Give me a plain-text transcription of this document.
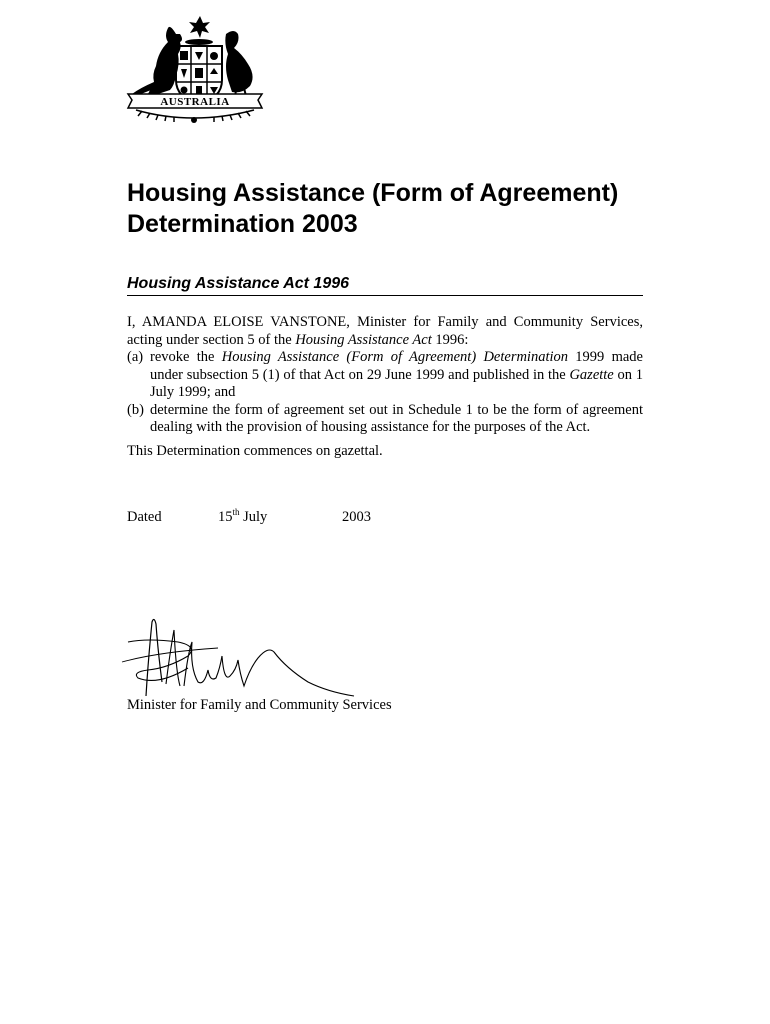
AUSTRALIA
Housing Assistance (Form of Agreement) Determination 2003
Housing Assistance Act 1996

I, AMANDA ELOISE VANSTONE, Minister for Family and Community Services, acting under section 5 of the Housing Assistance Act 1996:

(a) revoke the Housing Assistance (Form of Agreement) Determination 1999 made under subsection 5 (1) of that Act on 29 June 1999 and published in the Gazette on 1 July 1999; and
(b) determine the form of agreement set out in Schedule 1 to be the form of agreement dealing with the provision of housing assistance for the purposes of the Act.

This Determination commences on gazettal.

Dated	15th July	2003
Minister for Family and Community Services
